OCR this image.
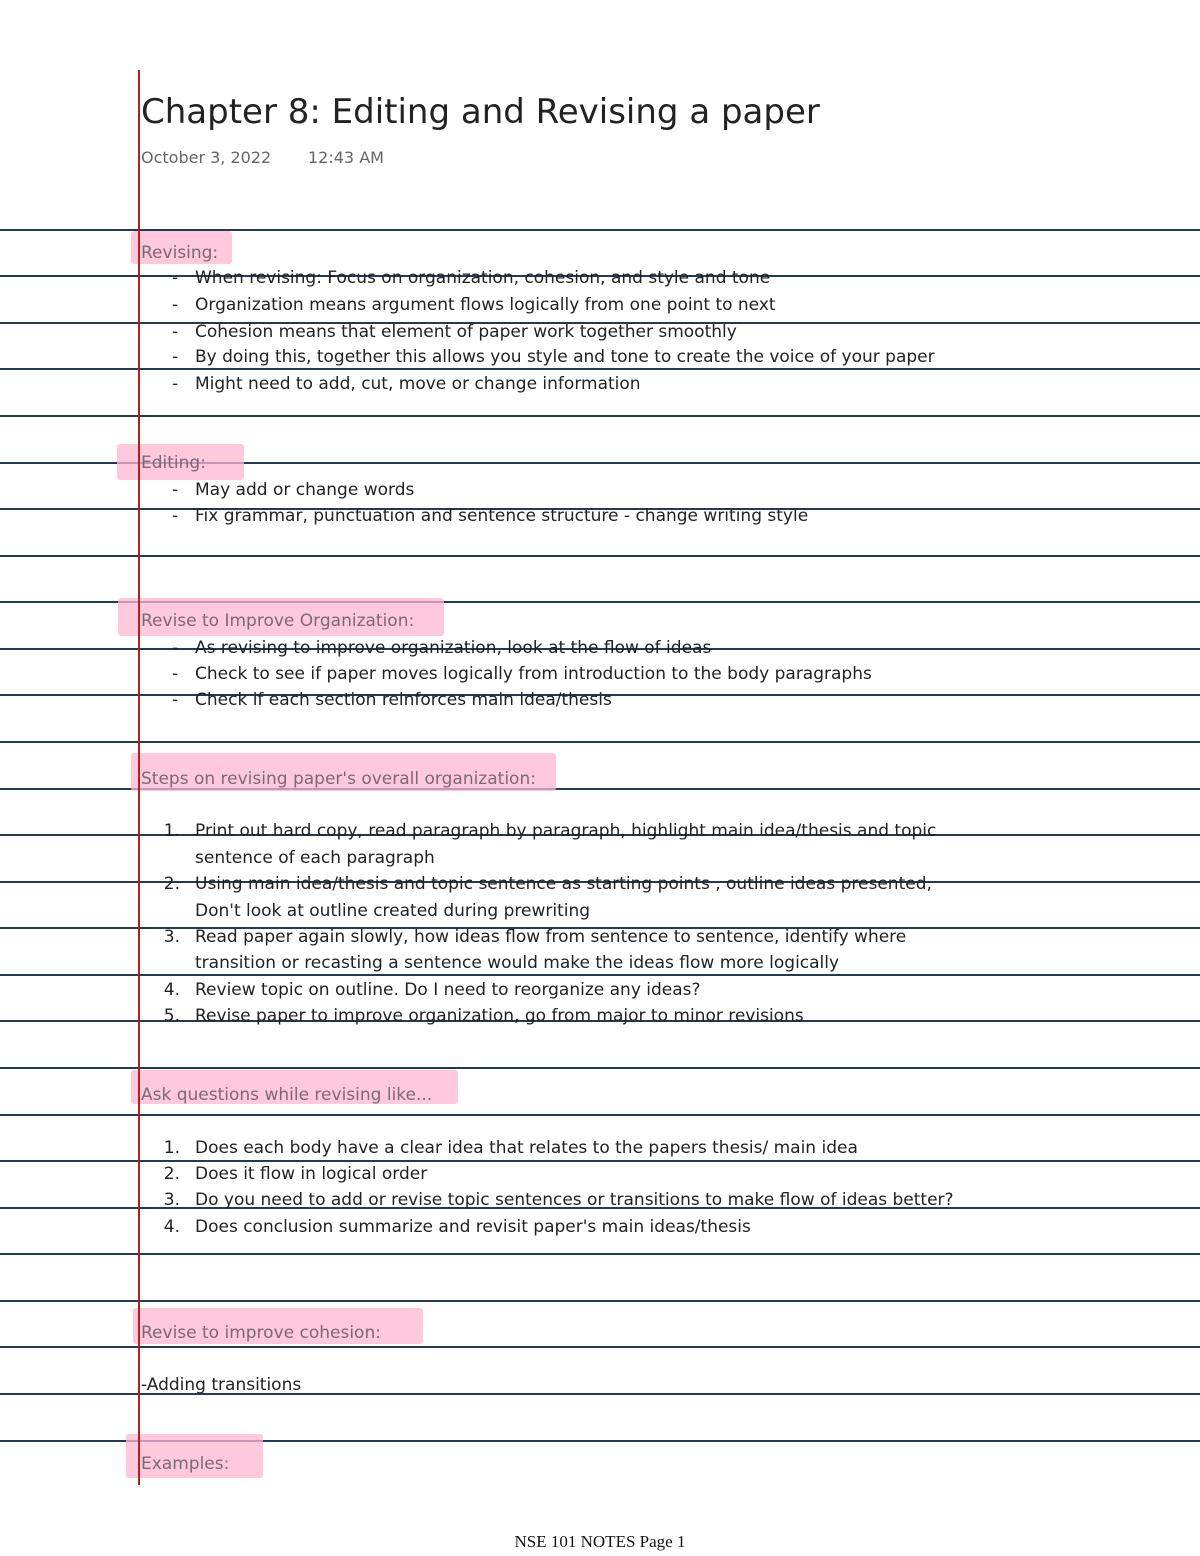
Chapter 8: Editing and Revising a paper
October 3, 2022 12:43 AM
Revising:
- When revising: Focus on organization, cohesion, and style and tone
- Organization means argument flows logically from one point to next
- Cohesion means that element of paper work together smoothly
- By doing this, together this allows you style and tone to create the voice of your paper
- Might need to add, cut, move or change information
Editing:
- May add or change words
- Fix grammar, punctuation and sentence structure - change writing style
Revise to Improve Organization:
- As revising to improve organization, look at the flow of ideas
- Check to see if paper moves logically from introduction to the body paragraphs
- Check if each section reinforces main idea/thesis
Steps on revising paper's overall organization:
1. Print out hard copy, read paragraph by paragraph, highlight main idea/thesis and topic
sentence of each paragraph
2. Using main idea/thesis and topic sentence as starting points , outline ideas presented,
Don't look at outline created during prewriting
3. Read paper again slowly, how ideas flow from sentence to sentence, identify where
transition or recasting a sentence would make the ideas flow more logically
4. Review topic on outline. Do I need to reorganize any ideas?
5. Revise paper to improve organization, go from major to minor revisions
Ask questions while revising like...
1. Does each body have a clear idea that relates to the papers thesis/ main idea
2. Does it flow in logical order
3. Do you need to add or revise topic sentences or transitions to make flow of ideas better?
4. Does conclusion summarize and revisit paper's main ideas/thesis
Revise to improve cohesion:
-Adding transitions
Examples:
NSE 101 NOTES Page 1
